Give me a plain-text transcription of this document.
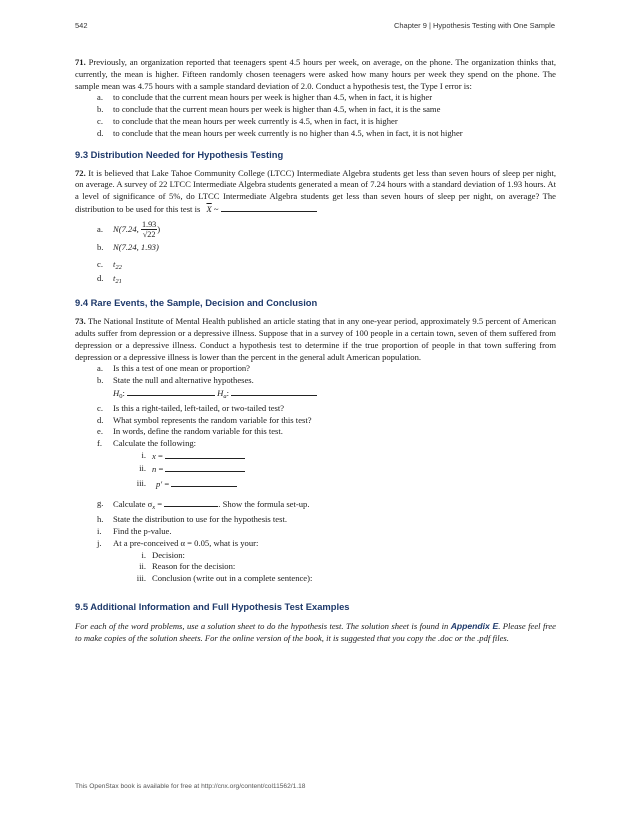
542	Chapter 9 | Hypothesis Testing with One Sample

71. Previously, an organization reported that teenagers spent 4.5 hours per week, on average, on the phone. The organization thinks that, currently, the mean is higher. Fifteen randomly chosen teenagers were asked how many hours per week they spend on the phone. The sample mean was 4.75 hours with a sample standard deviation of 2.0. Conduct a hypothesis test, the Type I error is:

a. to conclude that the current mean hours per week is higher than 4.5, when in fact, it is higher
b. to conclude that the current mean hours per week is higher than 4.5, when in fact, it is the same
c. to conclude that the mean hours per week currently is 4.5, when in fact, it is higher
d. to conclude that the mean hours per week currently is no higher than 4.5, when in fact, it is not higher
9.3 Distribution Needed for Hypothesis Testing

72. It is believed that Lake Tahoe Community College (LTCC) Intermediate Algebra students get less than seven hours of sleep per night, on average. A survey of 22 LTCC Intermediate Algebra students generated a mean of 7.24 hours with a standard deviation of 1.93 hours. At a level of significance of 5%, do LTCC Intermediate Algebra students get less than seven hours of sleep per night, on average? The distribution to be used for this test is $\overline{X}$ ~

a. N(7.24, $\frac{1.93}{√22}$ )
b. N(7.24, 1.93)
c. $t_{22}$
d. $t_{21}$
9.4 Rare Events, the Sample, Decision and Conclusion

73. The National Institute of Mental Health published an article stating that in any one-year period, approximately 9.5 percent of American adults suffer from depression or a depressive illness. Suppose that in a survey of 100 people in a certain town, seven of them suffered from depression or a depressive illness. Conduct a hypothesis test to determine if the true proportion of people in that town suffering from depression or a depressive illness is lower than the percent in the general adult American population.

a. Is this a test of one mean or proportion?
b. State the null and alternative hypotheses.
$H_0$:	$H_a$:
c. Is this a right-tailed, left-tailed, or two-tailed test?
d. What symbol represents the random variable for this test?
e. In words, define the random variable for this test.
f. Calculate the following:
i. x =
ii. n =
iii. p′ =
g. Calculate $\sigma_x$ =	. Show the formula set-up.
h. State the distribution to use for the hypothesis test.
i. Find the p-value.
j. At a pre-conceived α = 0.05, what is your:
i. Decision:
ii. Reason for the decision:
iii. Conclusion (write out in a complete sentence):
9.5 Additional Information and Full Hypothesis Test Examples

For each of the word problems, use a solution sheet to do the hypothesis test. The solution sheet is found in Appendix E. Please feel free to make copies of the solution sheets. For the online version of the book, it is suggested that you copy the .doc or the .pdf files.

This OpenStax book is available for free at http://cnx.org/content/col11562/1.18
